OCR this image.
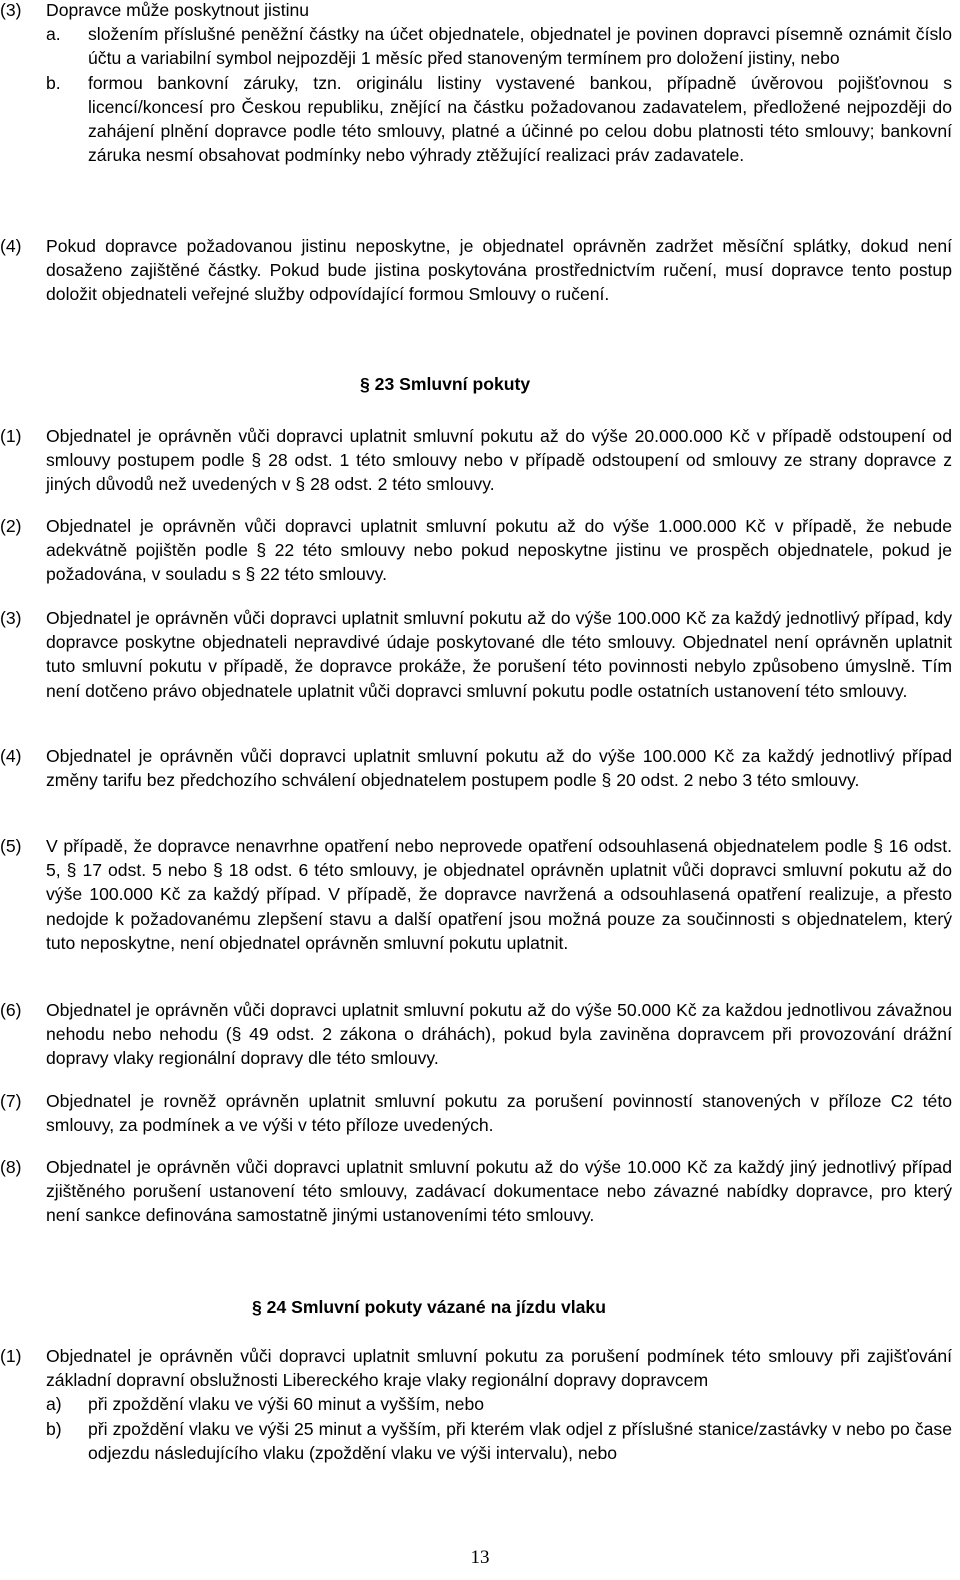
(3)	Dopravce může poskytnout jistinu
a.	složením příslušné peněžní částky na účet objednatele, objednatel je povinen dopravci písemně oznámit číslo účtu a variabilní symbol nejpozději 1 měsíc před stanoveným termínem pro doložení jistiny, nebo
b.	formou bankovní záruky, tzn. originálu listiny vystavené bankou, případně úvěrovou pojišťovnou s licencí/koncesí pro Českou republiku, znějící na částku požadovanou zadavatelem, předložené nejpozději do zahájení plnění dopravce podle této smlouvy, platné a účinné po celou dobu platnosti této smlouvy; bankovní záruka nesmí obsahovat podmínky nebo výhrady ztěžující realizaci práv zadavatele.
(4)	Pokud dopravce požadovanou jistinu neposkytne, je objednatel oprávněn zadržet měsíční splátky, dokud není dosaženo zajištěné částky. Pokud bude jistina poskytována prostřednictvím ručení, musí dopravce tento postup doložit objednateli veřejné služby odpovídající formou Smlouvy o ručení.
§ 23 Smluvní pokuty
(1)	Objednatel je oprávněn vůči dopravci uplatnit smluvní pokutu až do výše 20.000.000 Kč v případě odstoupení od smlouvy postupem podle § 28 odst. 1 této smlouvy nebo v případě odstoupení od smlouvy ze strany dopravce z jiných důvodů než uvedených v § 28 odst. 2 této smlouvy.
(2)	Objednatel je oprávněn vůči dopravci uplatnit smluvní pokutu až do výše 1.000.000 Kč v případě, že nebude adekvátně pojištěn podle § 22 této smlouvy nebo pokud neposkytne jistinu ve prospěch objednatele, pokud je požadována, v souladu s § 22 této smlouvy.
(3)	Objednatel je oprávněn vůči dopravci uplatnit smluvní pokutu až do výše 100.000 Kč za každý jednotlivý případ, kdy dopravce poskytne objednateli nepravdivé údaje poskytované dle této smlouvy. Objednatel není oprávněn uplatnit tuto smluvní pokutu v případě, že dopravce prokáže, že porušení této povinnosti nebylo způsobeno úmyslně. Tím není dotčeno právo objednatele uplatnit vůči dopravci smluvní pokutu podle ostatních ustanovení této smlouvy.
(4)	Objednatel je oprávněn vůči dopravci uplatnit smluvní pokutu až do výše 100.000 Kč za každý jednotlivý případ změny tarifu bez předchozího schválení objednatelem postupem podle § 20 odst. 2 nebo 3 této smlouvy.
(5)	V případě, že dopravce nenavrhne opatření nebo neprovede opatření odsouhlasená objednatelem podle § 16 odst. 5, § 17 odst. 5 nebo § 18 odst. 6 této smlouvy, je objednatel oprávněn uplatnit vůči dopravci smluvní pokutu až do výše 100.000 Kč za každý případ. V případě, že dopravce navržená a odsouhlasená opatření realizuje, a přesto nedojde k požadovanému zlepšení stavu a další opatření jsou možná pouze za součinnosti s objednatelem, který tuto neposkytne, není objednatel oprávněn smluvní pokutu uplatnit.
(6)	Objednatel je oprávněn vůči dopravci uplatnit smluvní pokutu až do výše 50.000 Kč za každou jednotlivou závažnou nehodu nebo nehodu (§ 49 odst. 2 zákona o dráhách), pokud byla zaviněna dopravcem při provozování drážní dopravy vlaky regionální dopravy dle této smlouvy.
(7)	Objednatel je rovněž oprávněn uplatnit smluvní pokutu za porušení povinností stanovených v příloze C2 této smlouvy, za podmínek a ve výši v této příloze uvedených.
(8)	Objednatel je oprávněn vůči dopravci uplatnit smluvní pokutu až do výše 10.000 Kč za každý jiný jednotlivý případ zjištěného porušení ustanovení této smlouvy, zadávací dokumentace nebo závazné nabídky dopravce, pro který není sankce definována samostatně jinými ustanoveními této smlouvy.
§ 24 Smluvní pokuty vázané na jízdu vlaku
(1)	Objednatel je oprávněn vůči dopravci uplatnit smluvní pokutu za porušení podmínek této smlouvy při zajišťování základní dopravní obslužnosti Libereckého kraje vlaky regionální dopravy dopravcem
a)	při zpoždění vlaku ve výši 60 minut a vyšším, nebo
b)	při zpoždění vlaku ve výši 25 minut a vyšším, při kterém vlak odjel z příslušné stanice/zastávky v nebo po čase odjezdu následujícího vlaku (zpoždění vlaku ve výši intervalu), nebo
13
